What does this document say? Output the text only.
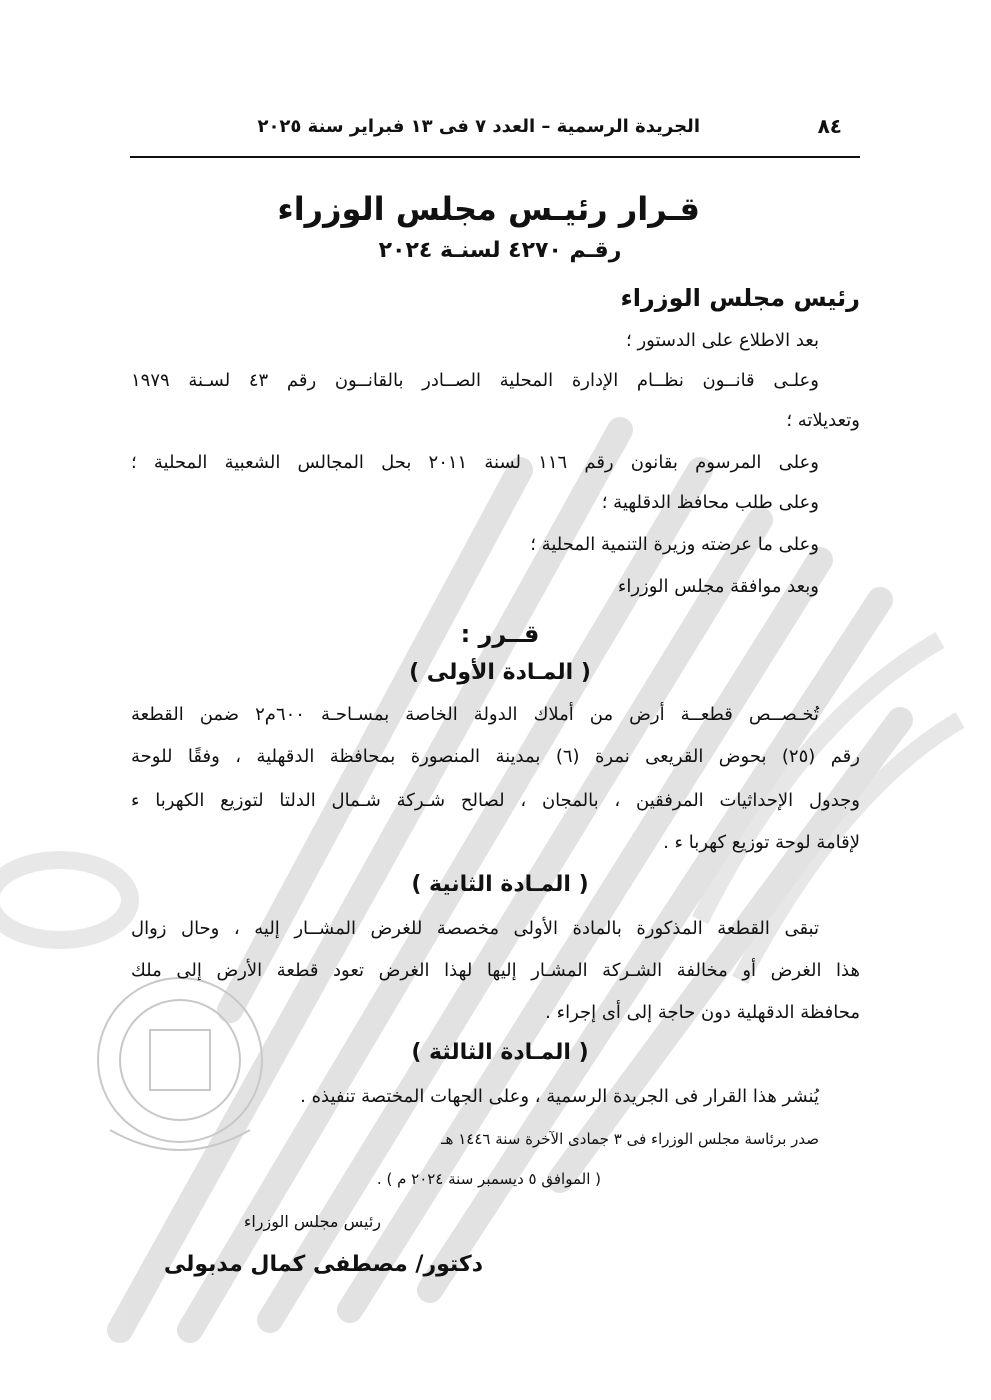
٨٤
الجريدة الرسمية – العدد ٧ فى ١٣ فبراير سنة ٢٠٢٥
قـرار رئيـس مجلس الوزراء
رقـم ٤٢٧٠ لسنـة ٢٠٢٤
رئيس مجلس الوزراء
بعد الاطلاع على الدستور ؛
وعلـى قانــون نظــام الإدارة المحلية الصــادر بالقانــون رقم ٤٣ لسـنة ١٩٧٩
وتعديلاته ؛
وعلى المرسوم بقانون رقم ١١٦ لسنة ٢٠١١ بحل المجالس الشعبية المحلية ؛
وعلى طلب محافظ الدقلهية ؛
وعلى ما عرضته وزيرة التنمية المحلية ؛
وبعد موافقة مجلس الوزراء
قــرر :
( المـادة الأولى )
تُخـصــص قطعــة أرض من أملاك الدولة الخاصة بمسـاحـة ٦٠٠م٢ ضمن القطعة
رقم (٢٥) بحوض القريعى نمرة (٦) بمدينة المنصورة بمحافظة الدقهلية ، وفقًا للوحة
وجدول الإحداثيات المرفقين ، بالمجان ، لصالح شـركة شـمال الدلتا لتوزيع الكهربا ء
لإقامة لوحة توزيع كهربا ء .
( المـادة الثانية )
تبقى القطعة المذكورة بالمادة الأولى مخصصة للغرض المشــار إليه ، وحال زوال
هذا الغرض أو مخالفة الشـركة المشـار إليها لهذا الغرض تعود قطعة الأرض إلى ملك
محافظة الدقهلية دون حاجة إلى أى إجراء .
( المـادة الثالثة )
يُنشر هذا القرار فى الجريدة الرسمية ، وعلى الجهات المختصة تنفيذه .
صدر برئاسة مجلس الوزراء فى ٣ جمادى الآخرة سنة ١٤٤٦ هـ
( الموافق ٥ ديسمبر سنة ٢٠٢٤ م ) .
رئيس مجلس الوزراء
دكتور/ مصطفى كمال مدبولى
